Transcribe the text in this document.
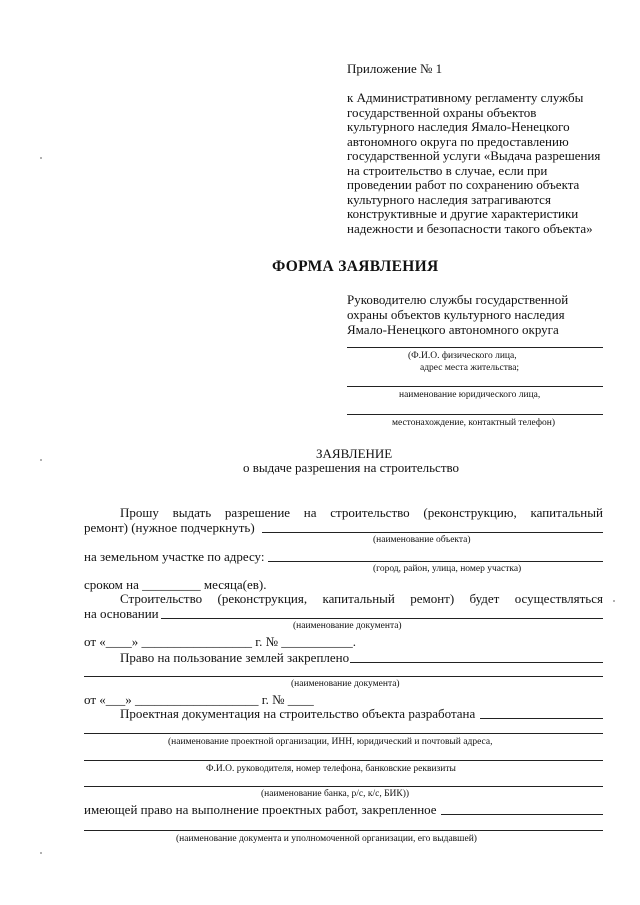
Приложение № 1
к Административному регламенту службы
государственной охраны объектов
культурного наследия Ямало-Ненецкого
автономного округа по предоставлению
государственной услуги «Выдача разрешения
на строительство в случае, если при
проведении работ по сохранению объекта
культурного наследия затрагиваются
конструктивные и другие характеристики
надежности и безопасности такого объекта»
ФОРМА ЗАЯВЛЕНИЯ
Руководителю службы государственной
охраны объектов культурного наследия
Ямало-Ненецкого автономного округа
(Ф.И.О. физического лица,
адрес места жительства;
наименование юридического лица,
местонахождение, контактный телефон)
ЗАЯВЛЕНИЕ
о выдаче разрешения на строительство
Прошу выдать разрешение на строительство (реконструкцию, капитальный
ремонт) (нужное подчеркнуть)
(наименование объекта)
на земельном участке по адресу:
(город, район, улица, номер участка)
сроком на _________ месяца(ев).
Строительство (реконструкция, капитальный ремонт) будет осуществляться
на основании
(наименование документа)
от «____» _________________ г. № ___________.
Право на пользование землей закреплено
(наименование документа)
от «___» ___________________ г. № ____
Проектная документация на строительство объекта разработана
(наименование проектной организации, ИНН, юридический и почтовый адреса,
Ф.И.О. руководителя, номер телефона, банковские реквизиты
(наименование банка, р/с, к/с, БИК))
имеющей право на выполнение проектных работ, закрепленное
(наименование документа и уполномоченной организации, его выдавшей)
